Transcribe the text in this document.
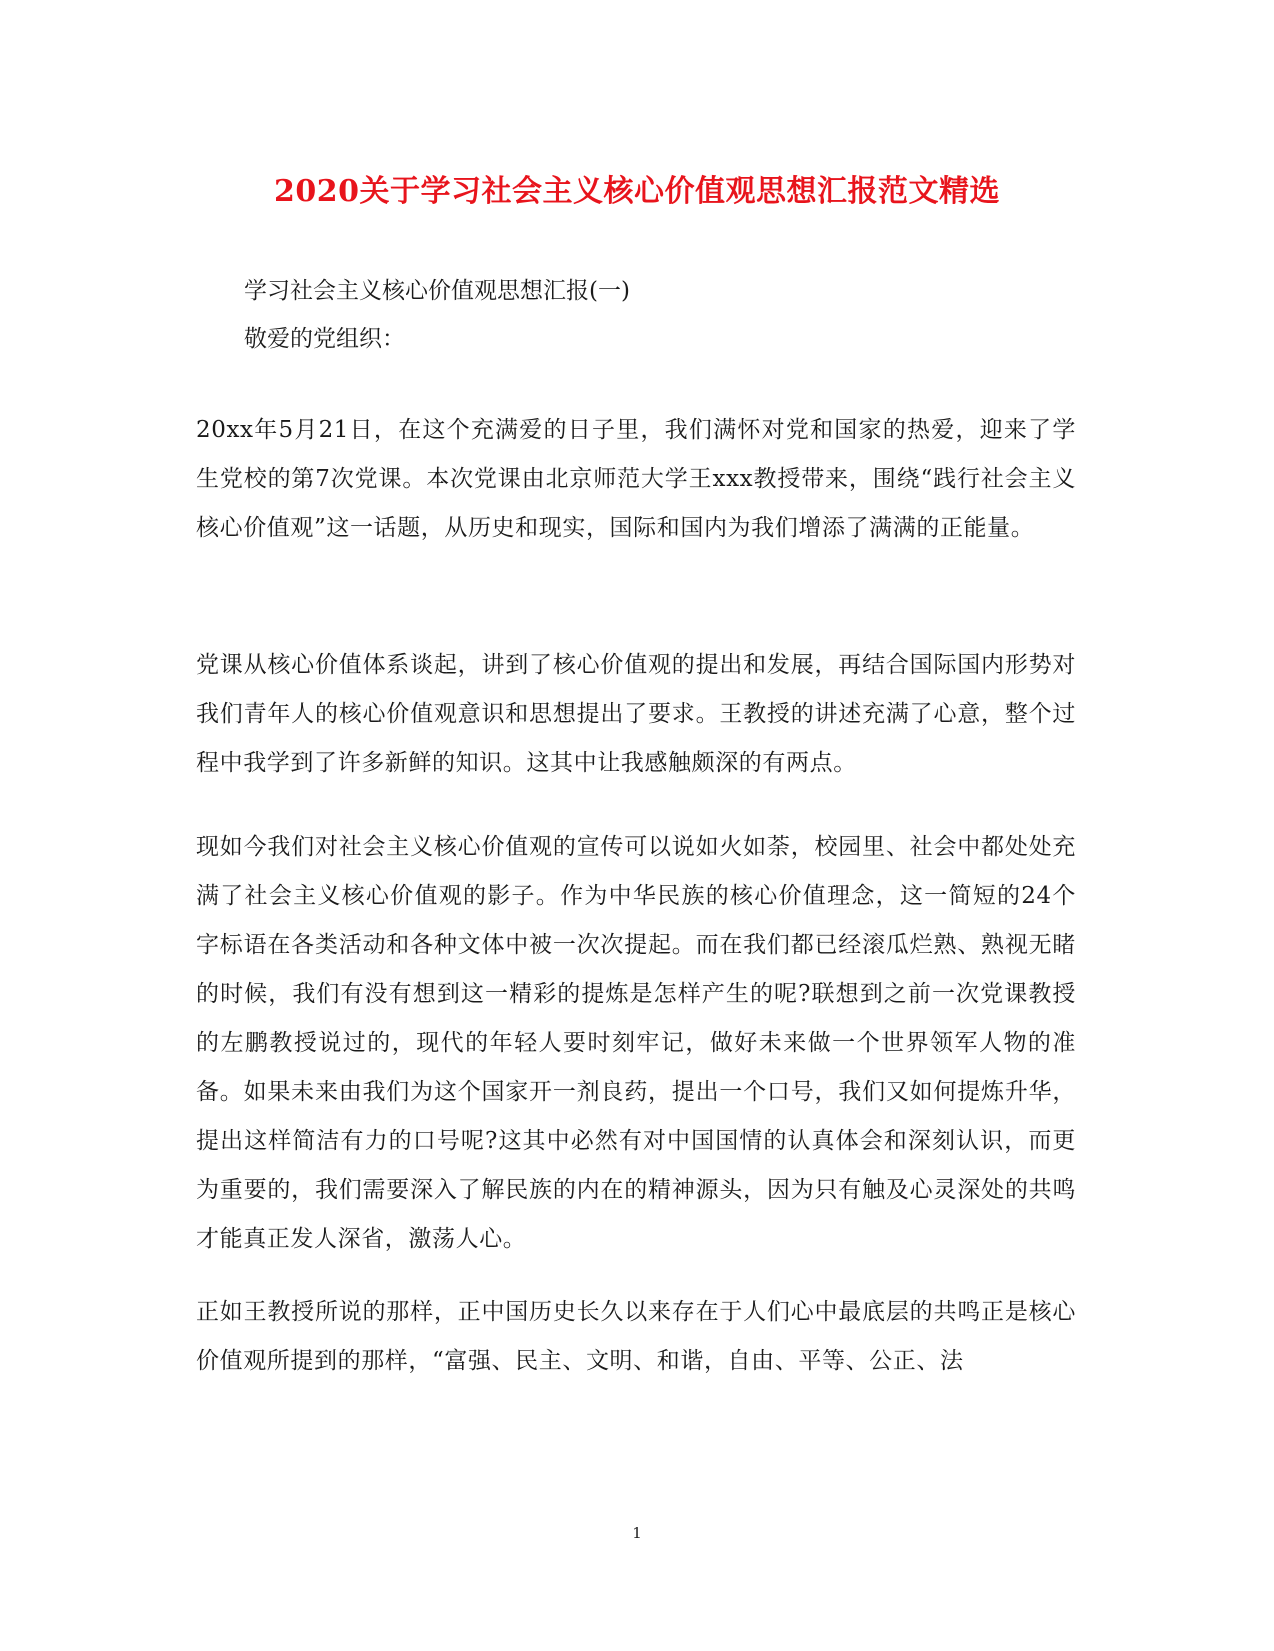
2020关于学习社会主义核心价值观思想汇报范文精选
学习社会主义核心价值观思想汇报(一)
敬爱的党组织：
20xx年5月21日，在这个充满爱的日子里，我们满怀对党和国家的热爱，迎来了学生党校的第7次党课。本次党课由北京师范大学王xxx教授带来，围绕“践行社会主义核心价值观”这一话题，从历史和现实，国际和国内为我们增添了满满的正能量。
党课从核心价值体系谈起，讲到了核心价值观的提出和发展，再结合国际国内形势对我们青年人的核心价值观意识和思想提出了要求。王教授的讲述充满了心意，整个过程中我学到了许多新鲜的知识。这其中让我感触颇深的有两点。
现如今我们对社会主义核心价值观的宣传可以说如火如荼，校园里、社会中都处处充满了社会主义核心价值观的影子。作为中华民族的核心价值理念，这一简短的24个字标语在各类活动和各种文体中被一次次提起。而在我们都已经滚瓜烂熟、熟视无睹的时候，我们有没有想到这一精彩的提炼是怎样产生的呢?联想到之前一次党课教授的左鹏教授说过的，现代的年轻人要时刻牢记，做好未来做一个世界领军人物的准备。如果未来由我们为这个国家开一剂良药，提出一个口号，我们又如何提炼升华，提出这样简洁有力的口号呢?这其中必然有对中国国情的认真体会和深刻认识，而更为重要的，我们需要深入了解民族的内在的精神源头，因为只有触及心灵深处的共鸣才能真正发人深省，激荡人心。
正如王教授所说的那样，正中国历史长久以来存在于人们心中最底层的共鸣正是核心价值观所提到的那样，“富强、民主、文明、和谐，自由、平等、公正、法
1
